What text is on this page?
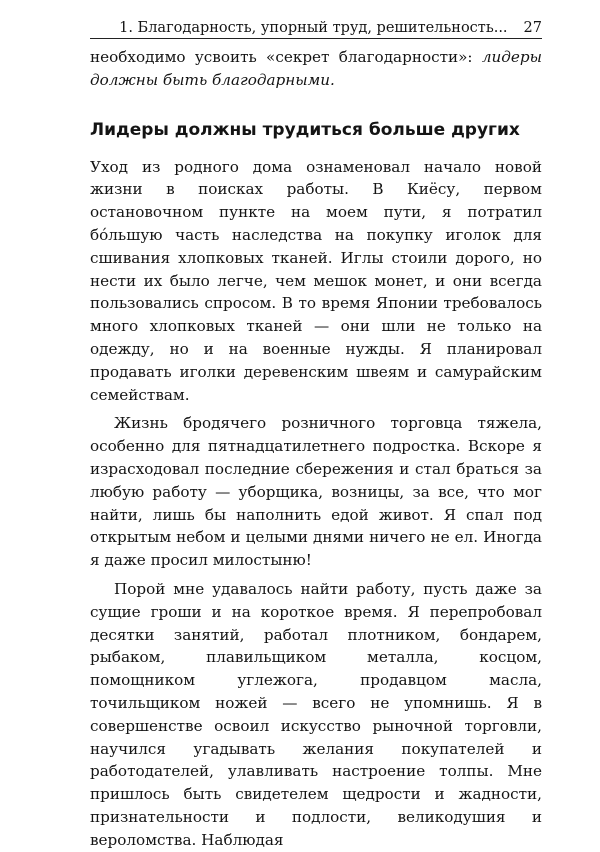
1. Благодарность, упорный труд, решительность... 27

необходимо усвоить «секрет благодарности»: лидеры должны быть благодарными.

Лидеры должны трудиться больше других

Уход из родного дома ознаменовал начало новой жизни в поисках работы. В Киёсу, первом остановочном пункте на моем пути, я потратил бо́льшую часть наследства на покупку иголок для сшивания хлопковых тканей. Иглы стоили дорого, но нести их было легче, чем мешок монет, и они всегда пользовались спросом. В то время Японии требовалось много хлопковых тканей — они шли не только на одежду, но и на военные нужды. Я планировал продавать иголки деревенским швеям и самурайским семействам.

Жизнь бродячего розничного торговца тяжела, особенно для пятнадцатилетнего подростка. Вскоре я израсходовал последние сбережения и стал браться за любую работу — уборщика, возницы, за все, что мог найти, лишь бы наполнить едой живот. Я спал под открытым небом и целыми днями ничего не ел. Иногда я даже просил милостыню!

Порой мне удавалось найти работу, пусть даже за сущие гроши и на короткое время. Я перепробовал десятки занятий, работал плотником, бондарем, рыбаком, плавильщиком металла, косцом, помощником углежога, продавцом масла, точильщиком ножей — всего не упомнишь. Я в совершенстве освоил искусство рыночной торговли, научился угадывать желания покупателей и работодателей, улавливать настроение толпы. Мне пришлось быть свидетелем щедрости и жадности, признательности и подлости, великодушия и вероломства. Наблюдая
